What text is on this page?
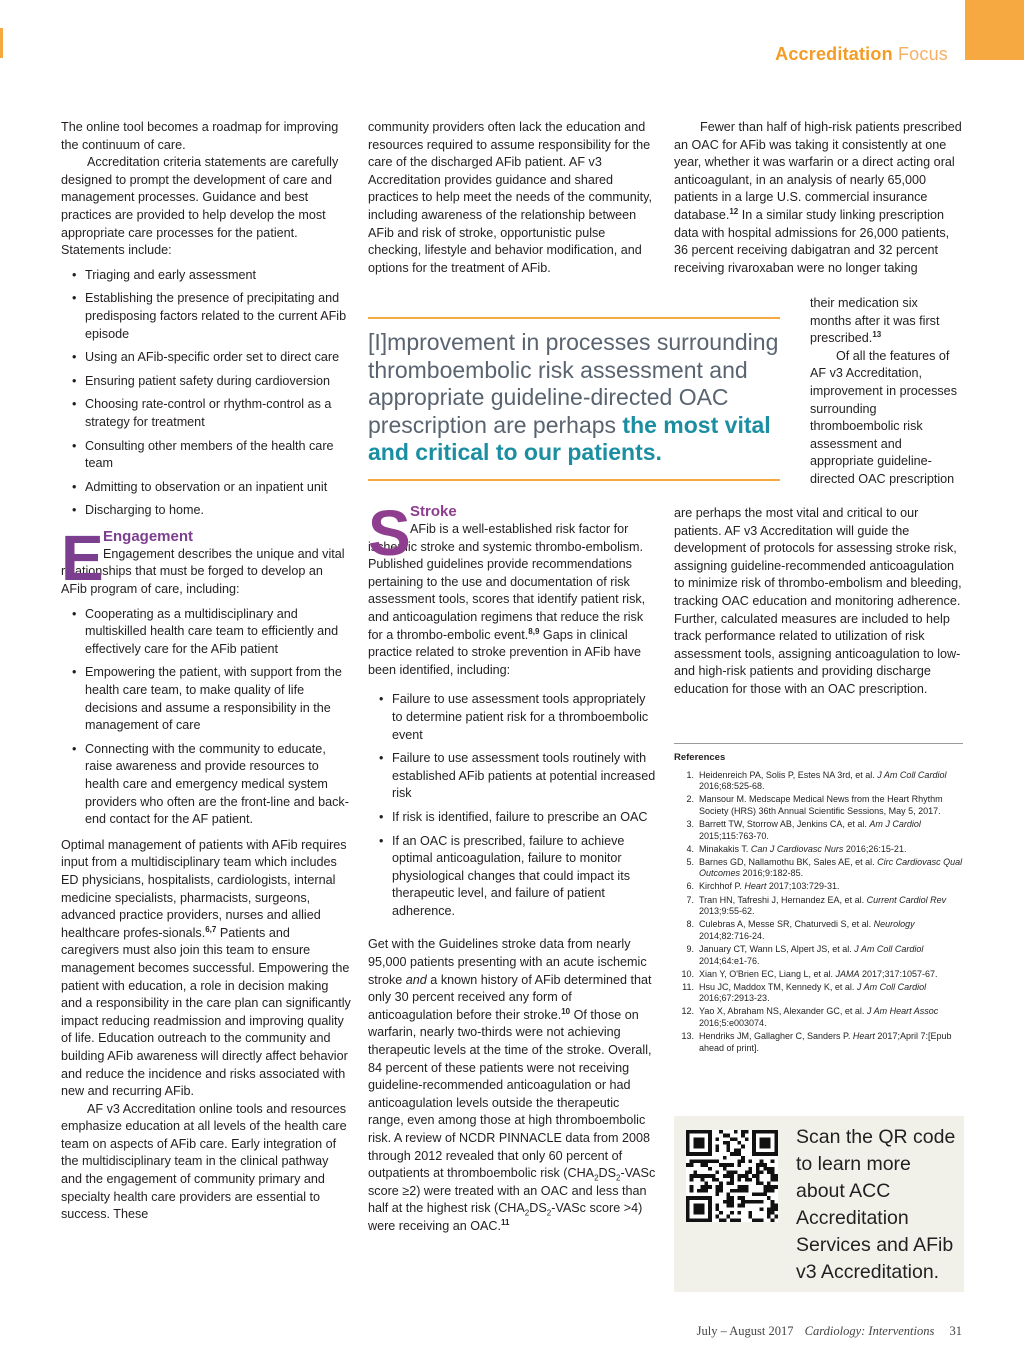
Accreditation Focus

The online tool becomes a roadmap for improving the continuum of care.

Accreditation criteria statements are carefully designed to prompt the development of care and management processes. Guidance and best practices are provided to help develop the most appropriate care processes for the patient. Statements include:

• Triaging and early assessment
• Establishing the presence of precipitating and predisposing factors related to the current AFib episode
• Using an AFib-specific order set to direct care
• Ensuring patient safety during cardioversion
• Choosing rate-control or rhythm-control as a strategy for treatment
• Consulting other members of the health care team
• Admitting to observation or an inpatient unit
• Discharging to home.
E Engagement

Engagement describes the unique and vital relationships that must be forged to develop an AFib program of care, including:

• Cooperating as a multidisciplinary and multiskilled health care team to efficiently and effectively care for the AFib patient
• Empowering the patient, with support from the health care team, to make quality of life decisions and assume a responsibility in the management of care
• Connecting with the community to educate, raise awareness and provide resources to health care and emergency medical system providers who often are the front-line and back-end contact for the AF patient.

Optimal management of patients with AFib requires input from a multidisciplinary team which includes ED physicians, hospitalists, cardiologists, internal medicine specialists, pharmacists, surgeons, advanced practice providers, nurses and allied healthcare profes-sionals.$^{6,7}$ Patients and caregivers must also join this team to ensure management becomes successful. Empowering the patient with education, a role in decision making and a responsibility in the care plan can significantly impact reducing readmission and improving quality of life. Education outreach to the community and building AFib awareness will directly affect behavior and reduce the incidence and risks associated with new and recurring AFib.

AF v3 Accreditation online tools and resources emphasize education at all levels of the health care team on aspects of AFib care. Early integration of the multidisciplinary team in the clinical pathway and the engagement of community primary and specialty health care providers are essential to success. These

community providers often lack the education and resources required to assume responsibility for the care of the discharged AFib patient. AF v3 Accreditation provides guidance and shared practices to help meet the needs of the community, including awareness of the relationship between AFib and risk of stroke, opportunistic pulse checking, lifestyle and behavior modification, and options for the treatment of AFib.

[I]mprovement in processes surrounding thromboembolic risk assessment and appropriate guideline-directed OAC prescription are perhaps the most vital and critical to our patients.
S Stroke

AFib is a well-established risk factor for ischemic stroke and systemic thrombo-embolism. Published guidelines provide recommendations pertaining to the use and documentation of risk assessment tools, scores that identify patient risk, and anticoagulation regimens that reduce the risk for a thrombo-embolic event.$^{8,9}$ Gaps in clinical practice related to stroke prevention in AFib have been identified, including:

• Failure to use assessment tools appropriately to determine patient risk for a thromboembolic event
• Failure to use assessment tools routinely with established AFib patients at potential increased risk
• If risk is identified, failure to prescribe an OAC
• If an OAC is prescribed, failure to achieve optimal anticoagulation, failure to monitor physiological changes that could impact its therapeutic level, and failure of patient adherence.

Get with the Guidelines stroke data from nearly 95,000 patients presenting with an acute ischemic stroke and a known history of AFib determined that only 30 percent received any form of anticoagulation before their stroke.$^{10}$ Of those on warfarin, nearly two-thirds were not achieving therapeutic levels at the time of the stroke. Overall, 84 percent of these patients were not receiving guideline-recommended anticoagulation or had anticoagulation levels outside the therapeutic range, even among those at high thromboembolic risk. A review of NCDR PINNACLE data from 2008 through 2012 revealed that only 60 percent of outpatients at thromboembolic risk ($CHA_2DS_2$-VASc score ≥2) were treated with an OAC and less than half at the highest risk ($CHA_2DS_2$-VASc score >4) were receiving an OAC.$^{11}$

Fewer than half of high-risk patients prescribed an OAC for AFib was taking it consistently at one year, whether it was warfarin or a direct acting oral anticoagulant, in an analysis of nearly 65,000 patients in a large U.S. commercial insurance database.$^{12}$ In a similar study linking prescription data with hospital admissions for 26,000 patients, 36 percent receiving dabigatran and 32 percent receiving rivaroxaban were no longer taking

their medication six months after it was first prescribed.$^{13}$

Of all the features of AF v3 Accreditation, improvement in processes surrounding thromboembolic risk assessment and appropriate guideline-directed OAC prescription

are perhaps the most vital and critical to our patients. AF v3 Accreditation will guide the development of protocols for assessing stroke risk, assigning guideline-recommended anticoagulation to minimize risk of thrombo-embolism and bleeding, tracking OAC education and monitoring adherence. Further, calculated measures are included to help track performance related to utilization of risk assessment tools, assigning anticoagulation to low- and high-risk patients and providing discharge education for those with an OAC prescription.

References
1. Heidenreich PA, Solis P, Estes NA 3rd, et al. J Am Coll Cardiol 2016;68:525-68.
2. Mansour M. Medscape Medical News from the Heart Rhythm Society (HRS) 36th Annual Scientific Sessions, May 5, 2017.
3. Barrett TW, Storrow AB, Jenkins CA, et al. Am J Cardiol 2015;115:763-70.
4. Minakakis T. Can J Cardiovasc Nurs 2016;26:15-21.
5. Barnes GD, Nallamothu BK, Sales AE, et al. Circ Cardiovasc Qual Outcomes 2016;9:182-85.
6. Kirchhof P. Heart 2017;103:729-31.
7. Tran HN, Tafreshi J, Hernandez EA, et al. Current Cardiol Rev 2013;9:55-62.
8. Culebras A, Messe SR, Chaturvedi S, et al. Neurology 2014;82:716-24.
9. January CT, Wann LS, Alpert JS, et al. J Am Coll Cardiol 2014;64:e1-76.
10. Xian Y, O'Brien EC, Liang L, et al. JAMA 2017;317:1057-67.
11. Hsu JC, Maddox TM, Kennedy K, et al. J Am Coll Cardiol 2016;67:2913-23.
12. Yao X, Abraham NS, Alexander GC, et al. J Am Heart Assoc 2016;5:e003074.
13. Hendriks JM, Gallagher C, Sanders P. Heart 2017;April 7:[Epub ahead of print].
Scan the QR code to learn more about ACC Accreditation Services and AFib v3 Accreditation.
July – August 2017 Cardiology: Interventions 31
